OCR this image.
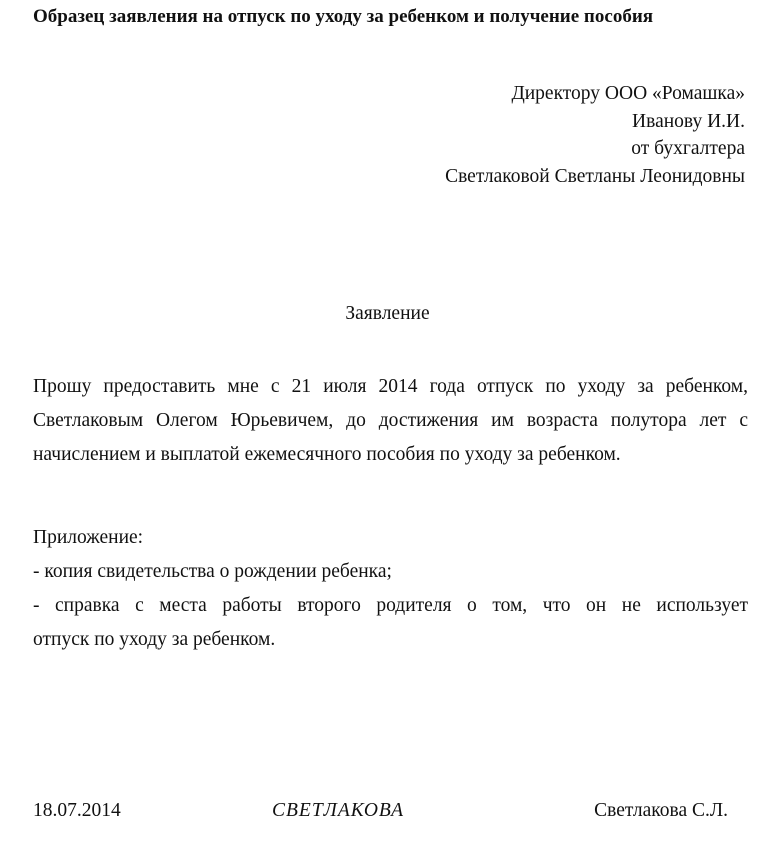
Образец заявления на отпуск по уходу за ребенком и получение пособия
Директору ООО «Ромашка»
Иванову И.И.
от бухгалтера
Светлаковой Светланы Леонидовны
Заявление
Прошу предоставить мне с 21 июля 2014 года отпуск по уходу за ребенком, Светлаковым Олегом Юрьевичем, до достижения им возраста полутора лет с начислением и выплатой ежемесячного пособия по уходу за ребенком.
Приложение:
- копия свидетельства о рождении ребенка;
- справка с места работы второго родителя о том, что он не использует
отпуск по уходу за ребенком.
18.07.2014	СВЕТЛАКОВА	Светлакова С.Л.
